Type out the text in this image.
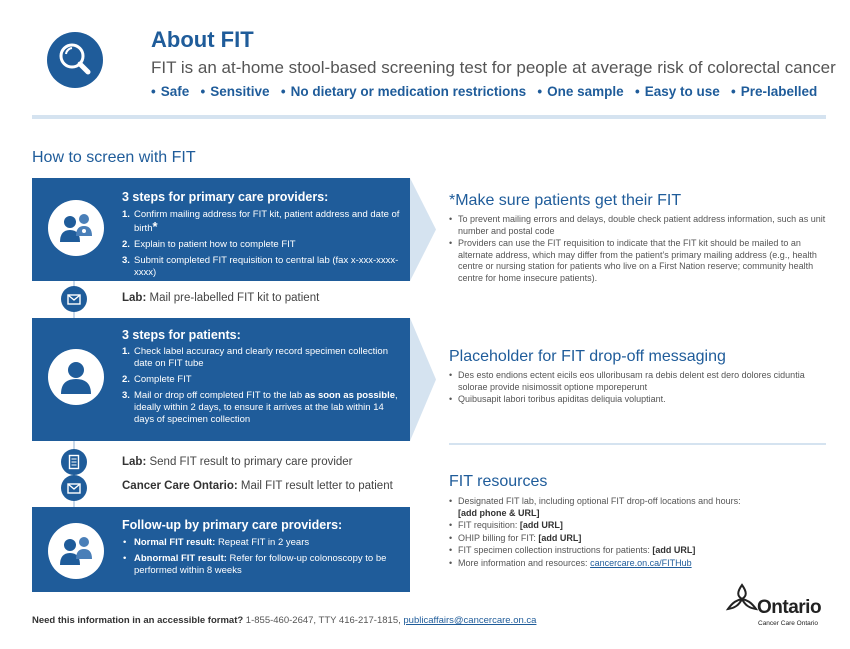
About FIT
FIT is an at-home stool-based screening test for people at average risk of colorectal cancer
• Safe • Sensitive • No dietary or medication restrictions • One sample • Easy to use • Pre-labelled
How to screen with FIT
3 steps for primary care providers:
1. Confirm mailing address for FIT kit, patient address and date of birth*
2. Explain to patient how to complete FIT
3. Submit completed FIT requisition to central lab (fax x-xxx-xxxx-xxxx)
Lab: Mail pre-labelled FIT kit to patient
3 steps for patients:
1. Check label accuracy and clearly record specimen collection date on FIT tube
2. Complete FIT
3. Mail or drop off completed FIT to the lab as soon as possible, ideally within 2 days, to ensure it arrives at the lab within 14 days of specimen collection
Lab: Send FIT result to primary care provider
Cancer Care Ontario: Mail FIT result letter to patient
Follow-up by primary care providers:
• Normal FIT result: Repeat FIT in 2 years
• Abnormal FIT result: Refer for follow-up colonoscopy to be performed within 8 weeks
*Make sure patients get their FIT
• To prevent mailing errors and delays, double check patient address information, such as unit number and postal code
• Providers can use the FIT requisition to indicate that the FIT kit should be mailed to an alternate address, which may differ from the patient’s primary mailing address (e.g., health centre or nursing station for patients who live on a First Nation reserve; community health centre for home insecure patients).
Placeholder for FIT drop-off messaging
• Des esto endions ectent eicils eos ulloribusam ra debis delent est dero dolores ciduntia solorae provide nisimossit optione mporeperunt
• Quibusapit labori toribus apiditas deliquia voluptiant.
FIT resources
• Designated FIT lab, including optional FIT drop-off locations and hours:
[add phone & URL]
• FIT requisition: [add URL]
• OHIP billing for FIT: [add URL]
• FIT specimen collection instructions for patients: [add URL]
• More information and resources: cancercare.on.ca/FITHub
Need this information in an accessible format? 1-855-460-2647, TTY 416-217-1815, publicaffairs@cancercare.on.ca
Ontario
Cancer Care Ontario
